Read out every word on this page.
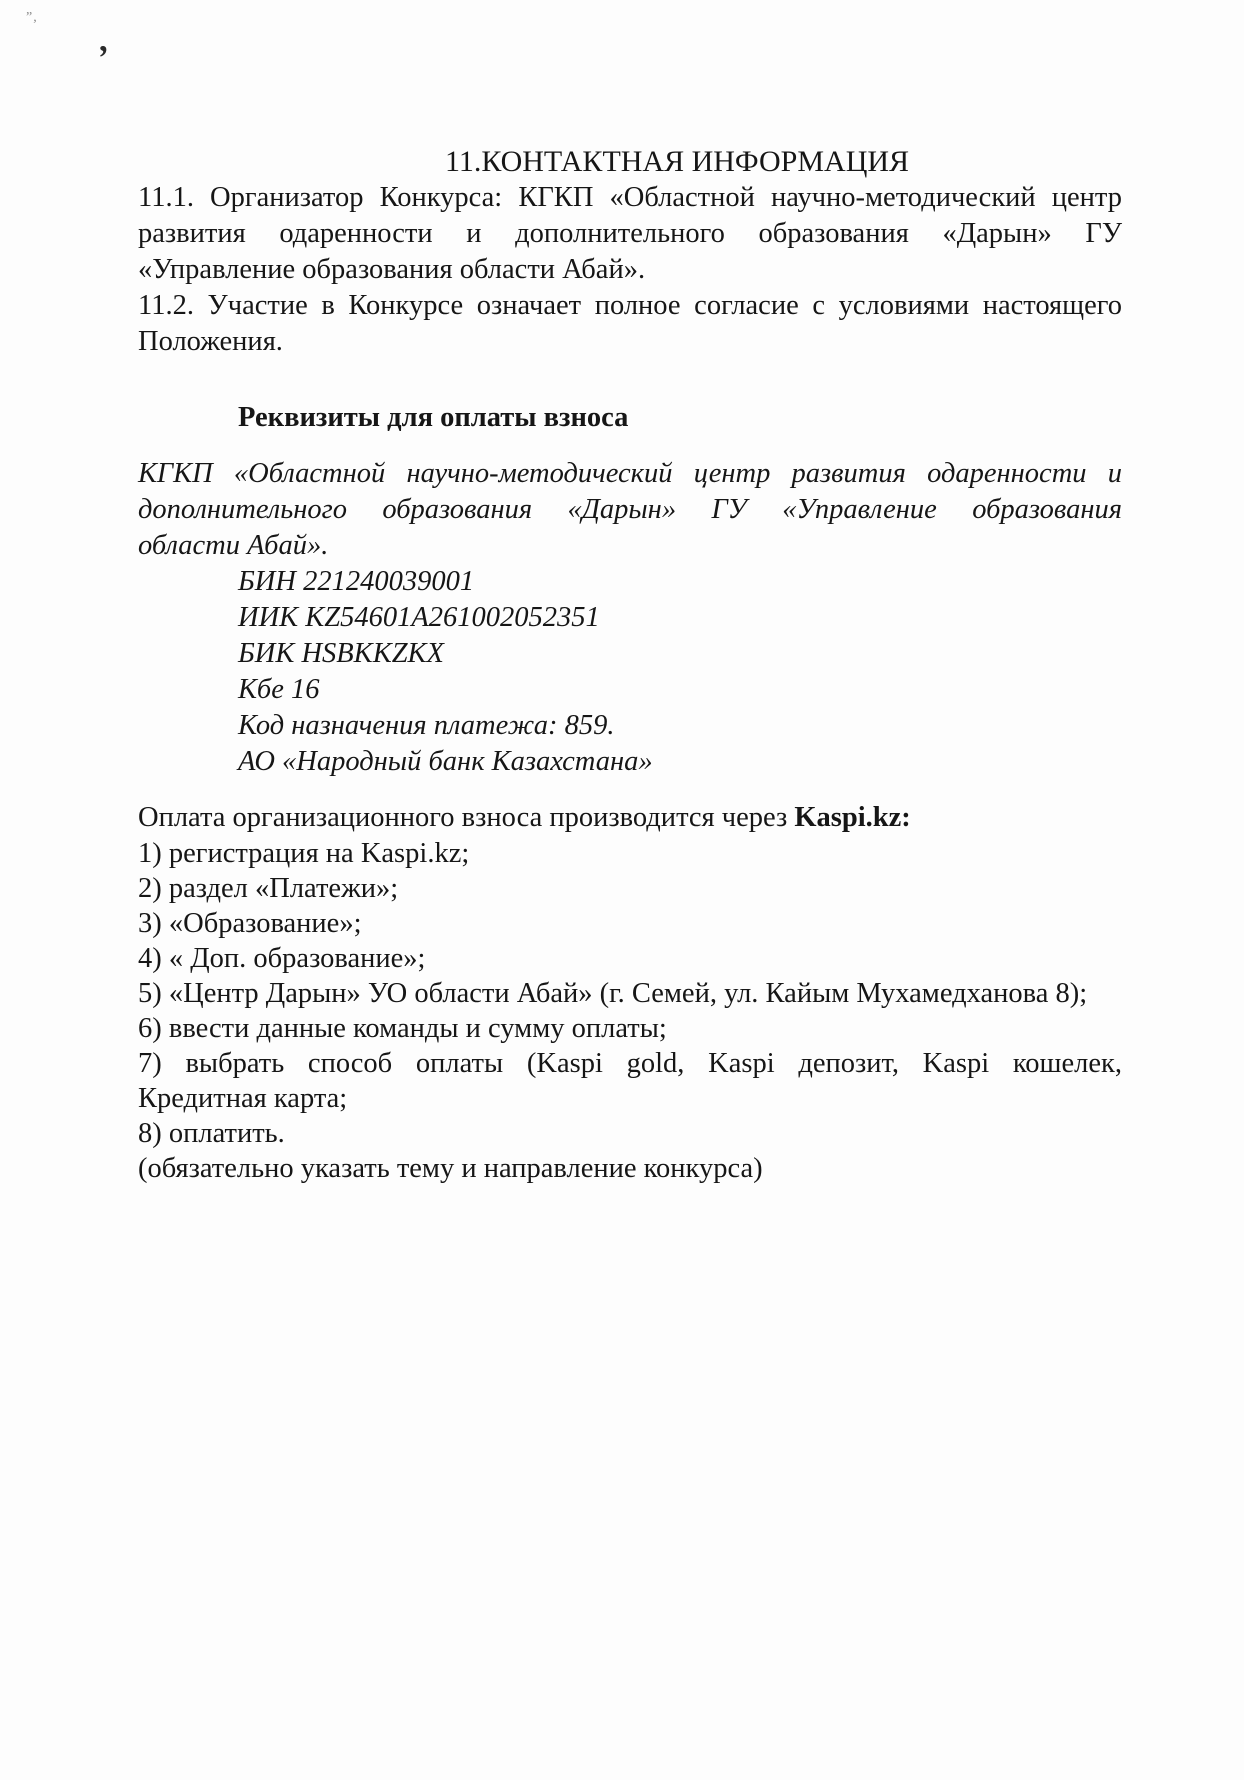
”,
,
11.КОНТАКТНАЯ ИНФОРМАЦИЯ

11.1. Организатор Конкурса: КГКП «Областной научно-методический центр

развития одаренности и дополнительного образования «Дарын» ГУ

«Управление образования области Абай».

11.2. Участие в Конкурсе означает полное согласие с условиями настоящего

Положения.

Реквизиты для оплаты взноса

КГКП «Областной научно-методический центр развития одаренности и

дополнительного образования «Дарын» ГУ «Управление образования

области Абай».

БИН 221240039001

ИИК KZ54601A261002052351

БИК HSBKKZKX

Кбе 16

Код назначения платежа: 859.

АО «Народный банк Казахстана»

Оплата организационного взноса производится через Kaspi.kz:

1) регистрация на Kaspi.kz;

2) раздел «Платежи»;

3) «Образование»;

4) « Доп. образование»;

5) «Центр Дарын» УО области Абай» (г. Семей, ул. Кайым Мухамедханова 8);

6) ввести данные команды и сумму оплаты;

7) выбрать способ оплаты (Kaspi gold, Kaspi депозит, Kaspi кошелек,

Кредитная карта;

8) оплатить.

(обязательно указать тему и направление конкурса)
